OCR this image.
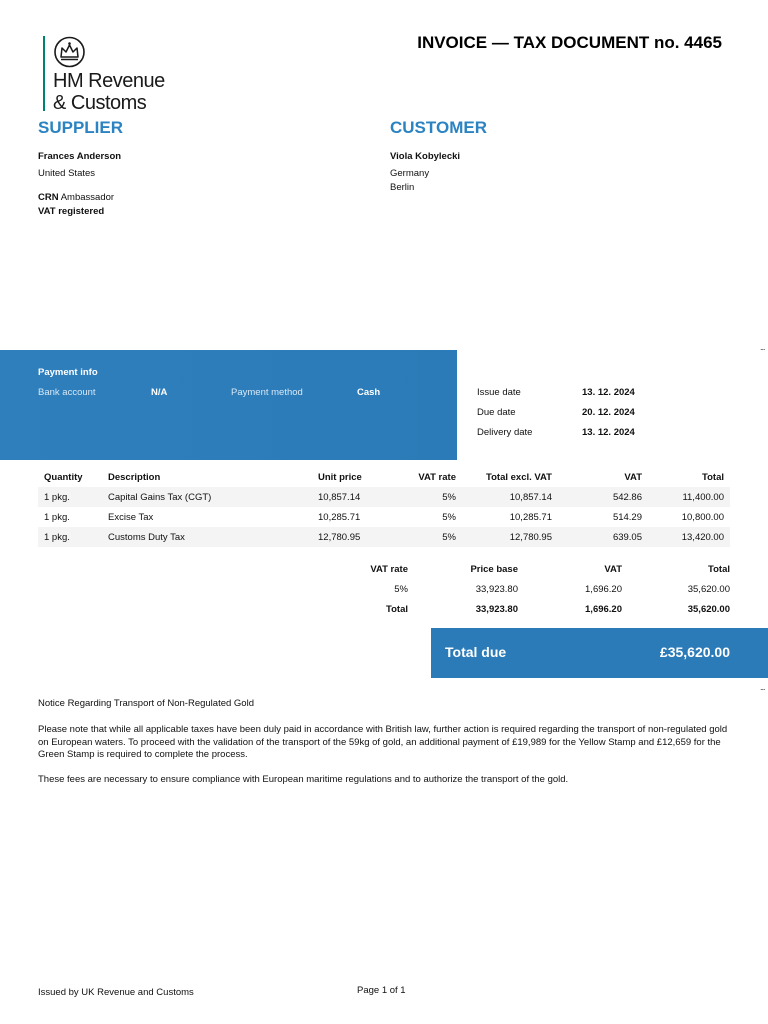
HM Revenue
& Customs
INVOICE — TAX DOCUMENT no. 4465
SUPPLIER
Frances Anderson
United States
CRN Ambassador
VAT registered
CUSTOMER
Viola Kobylecki
Germany
Berlin
...
Payment info
Bank account	N/A	Payment method	Cash	Issue date	13. 12. 2024
Due date	20. 12. 2024
Delivery date	13. 12. 2024
Quantity	Description	Unit price	VAT rate	Total excl. VAT	VAT	Total
1 pkg.	Capital Gains Tax (CGT)	10,857.14	5%	10,857.14	542.86	11,400.00
1 pkg.	Excise Tax	10,285.71	5%	10,285.71	514.29	10,800.00
1 pkg.	Customs Duty Tax	12,780.95	5%	12,780.95	639.05	13,420.00
VAT rate	Price base	VAT	Total
5%	33,923.80	1,696.20	35,620.00
Total	33,923.80	1,696.20	35,620.00
Total due	£35,620.00
...
Notice Regarding Transport of Non-Regulated Gold
Please note that while all applicable taxes have been duly paid in accordance with British law, further action is required regarding the transport of non-regulated gold on European waters. To proceed with the validation of the transport of the 59kg of gold, an additional payment of £19,989 for the Yellow Stamp and £12,659 for the Green Stamp is required to complete the process.
These fees are necessary to ensure compliance with European maritime regulations and to authorize the transport of the gold.
Issued by UK Revenue and Customs	Page 1 of 1
